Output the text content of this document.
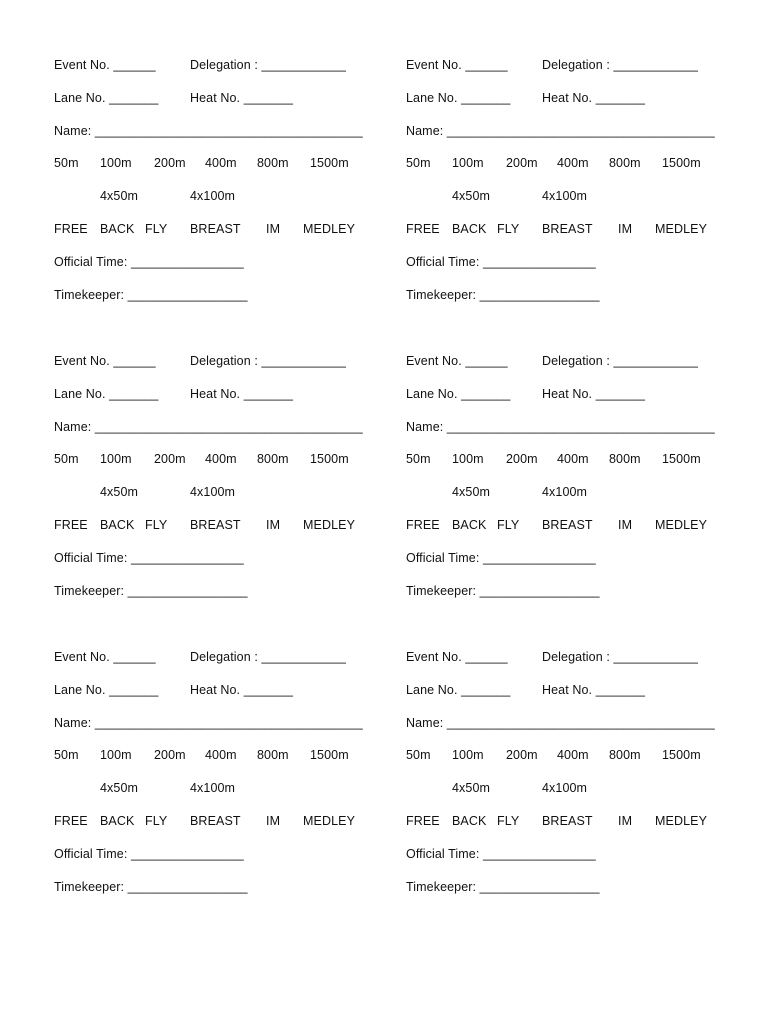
Event No. ______	Delegation : ____________
Lane No. _______	Heat No. _______
Name: ______________________________________
50m 100m 200m 400m 800m 1500m
4x50m	4x100m
FREE BACK FLY BREAST IM MEDLEY
Official Time: ________________
Timekeeper: _________________
Event No. ______	Delegation : ____________
Lane No. _______	Heat No. _______
Name: ______________________________________
50m 100m 200m 400m 800m 1500m
4x50m	4x100m
FREE BACK FLY BREAST IM MEDLEY
Official Time: ________________
Timekeeper: _________________
Event No. ______	Delegation : ____________
Lane No. _______	Heat No. _______
Name: ______________________________________
50m 100m 200m 400m 800m 1500m
4x50m	4x100m
FREE BACK FLY BREAST IM MEDLEY
Official Time: ________________
Timekeeper: _________________
Event No. ______	Delegation : ____________
Lane No. _______	Heat No. _______
Name: ______________________________________
50m 100m 200m 400m 800m 1500m
4x50m	4x100m
FREE BACK FLY BREAST IM MEDLEY
Official Time: ________________
Timekeeper: _________________
Event No. ______	Delegation : ____________
Lane No. _______	Heat No. _______
Name: ______________________________________
50m 100m 200m 400m 800m 1500m
4x50m	4x100m
FREE BACK FLY BREAST IM MEDLEY
Official Time: ________________
Timekeeper: _________________
Event No. ______	Delegation : ____________
Lane No. _______	Heat No. _______
Name: ______________________________________
50m 100m 200m 400m 800m 1500m
4x50m	4x100m
FREE BACK FLY BREAST IM MEDLEY
Official Time: ________________
Timekeeper: _________________
